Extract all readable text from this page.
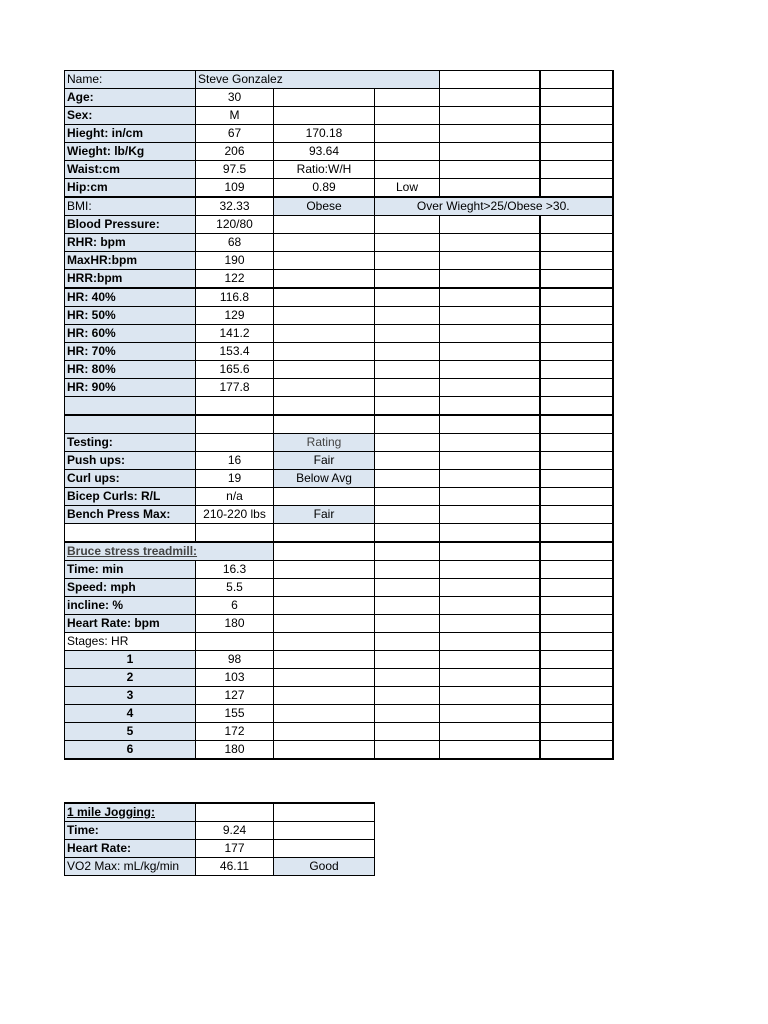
Name:	Steve Gonzalez				
Age:	30				
Sex:	M				
Hieght: in/cm	67	170.18			
Wieght: lb/Kg	206	93.64			
Waist:cm	97.5	Ratio:W/H			
Hip:cm	109	0.89	Low		
BMI:	32.33	Obese	Over Wieght>25/Obese >30.		
Blood Pressure:	120/80				
RHR: bpm	68				
MaxHR:bpm	190				
HRR:bpm	122				
HR: 40%	116.8				
HR: 50%	129				
HR: 60%	141.2				
HR: 70%	153.4				
HR: 80%	165.6				
HR: 90%	177.8				

Testing:		Rating			
Push ups:	16	Fair			
Curl ups:	19	Below Avg			
Bicep Curls: R/L	n/a				
Bench Press Max:	210-220 lbs	Fair			

Bruce stress treadmill:					
Time: min	16.3				
Speed: mph	5.5				
incline: %	6				
Heart Rate: bpm	180				
Stages: HR					
1	98				
2	103				
3	127				
4	155				
5	172				
6	180				
1 mile Jogging:		
Time:	9.24	
Heart Rate:	177	
VO2 Max: mL/kg/min	46.11	Good
